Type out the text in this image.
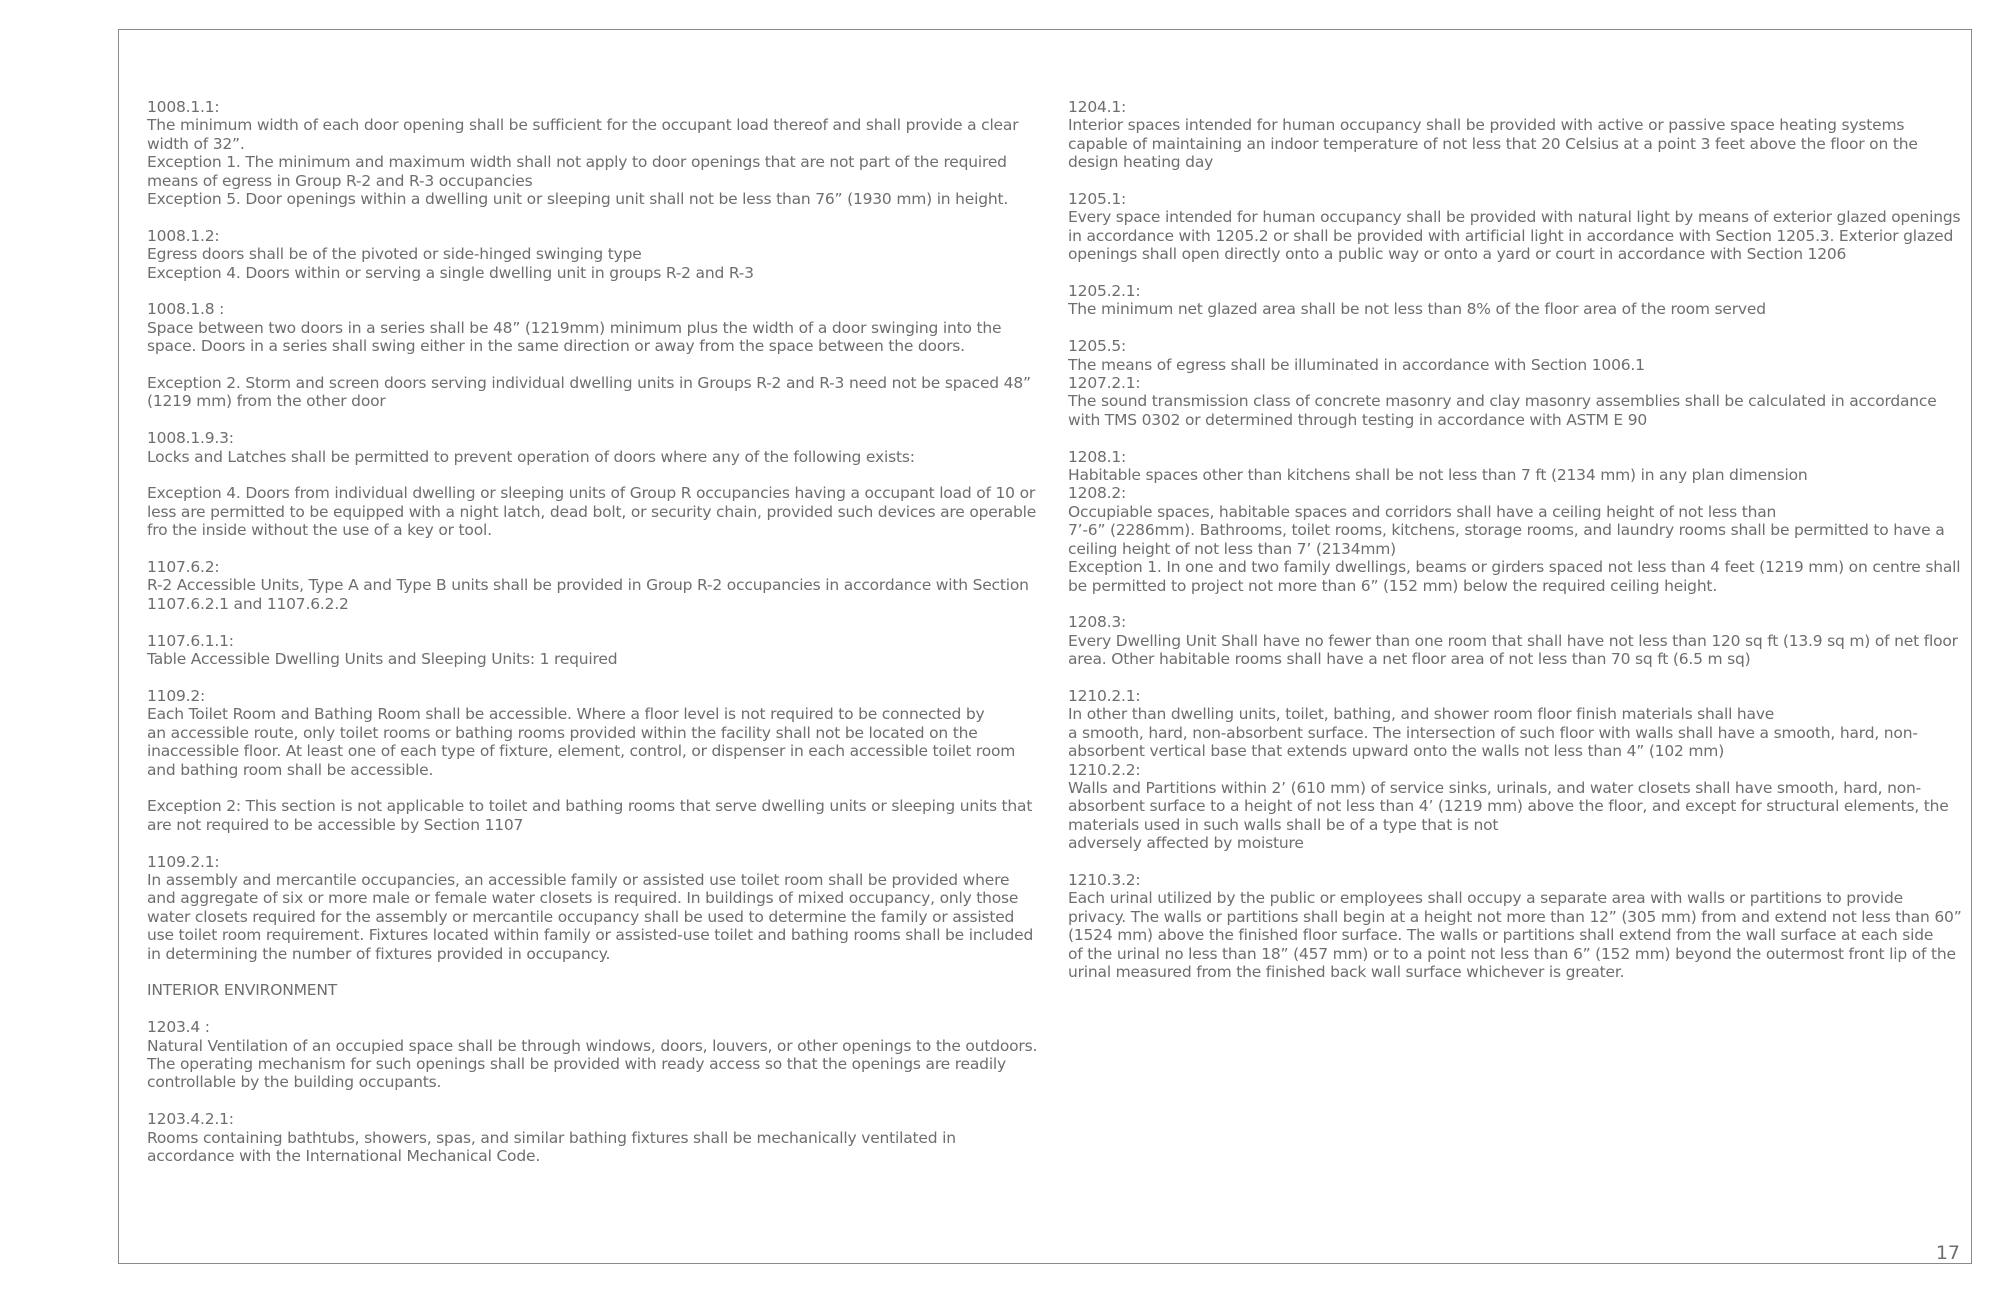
1008.1.1:
The minimum width of each door opening shall be sufficient for the occupant load thereof and shall provide a clear
width of 32”.
Exception 1. The minimum and maximum width shall not apply to door openings that are not part of the required
means of egress in Group R-2 and R-3 occupancies
Exception 5. Door openings within a dwelling unit or sleeping unit shall not be less than 76” (1930 mm) in height.
1008.1.2:
Egress doors shall be of the pivoted or side-hinged swinging type
Exception 4. Doors within or serving a single dwelling unit in groups R-2 and R-3
1008.1.8 :
Space between two doors in a series shall be 48” (1219mm) minimum plus the width of a door swinging into the
space. Doors in a series shall swing either in the same direction or away from the space between the doors.
Exception 2. Storm and screen doors serving individual dwelling units in Groups R-2 and R-3 need not be spaced 48”
(1219 mm) from the other door
1008.1.9.3:
Locks and Latches shall be permitted to prevent operation of doors where any of the following exists:
Exception 4. Doors from individual dwelling or sleeping units of Group R occupancies having a occupant load of 10 or
less are permitted to be equipped with a night latch, dead bolt, or security chain, provided such devices are operable
fro the inside without the use of a key or tool.
1107.6.2:
R-2 Accessible Units, Type A and Type B units shall be provided in Group R-2 occupancies in accordance with Section
1107.6.2.1 and 1107.6.2.2
1107.6.1.1:
Table Accessible Dwelling Units and Sleeping Units: 1 required
1109.2:
Each Toilet Room and Bathing Room shall be accessible. Where a floor level is not required to be connected by
an accessible route, only toilet rooms or bathing rooms provided within the facility shall not be located on the
inaccessible floor. At least one of each type of fixture, element, control, or dispenser in each accessible toilet room
and bathing room shall be accessible.
Exception 2: This section is not applicable to toilet and bathing rooms that serve dwelling units or sleeping units that
are not required to be accessible by Section 1107
1109.2.1:
In assembly and mercantile occupancies, an accessible family or assisted use toilet room shall be provided where
and aggregate of six or more male or female water closets is required. In buildings of mixed occupancy, only those
water closets required for the assembly or mercantile occupancy shall be used to determine the family or assisted
use toilet room requirement. Fixtures located within family or assisted-use toilet and bathing rooms shall be included
in determining the number of fixtures provided in occupancy.
INTERIOR ENVIRONMENT
1203.4 :
Natural Ventilation of an occupied space shall be through windows, doors, louvers, or other openings to the outdoors.
The operating mechanism for such openings shall be provided with ready access so that the openings are readily
controllable by the building occupants.
1203.4.2.1:
Rooms containing bathtubs, showers, spas, and similar bathing fixtures shall be mechanically ventilated in
accordance with the International Mechanical Code.
1204.1:
Interior spaces intended for human occupancy shall be provided with active or passive space heating systems
capable of maintaining an indoor temperature of not less that 20 Celsius at a point 3 feet above the floor on the
design heating day
1205.1:
Every space intended for human occupancy shall be provided with natural light by means of exterior glazed openings
in accordance with 1205.2 or shall be provided with artificial light in accordance with Section 1205.3. Exterior glazed
openings shall open directly onto a public way or onto a yard or court in accordance with Section 1206
1205.2.1:
The minimum net glazed area shall be not less than 8% of the floor area of the room served
1205.5:
The means of egress shall be illuminated in accordance with Section 1006.1
1207.2.1:
The sound transmission class of concrete masonry and clay masonry assemblies shall be calculated in accordance
with TMS 0302 or determined through testing in accordance with ASTM E 90
1208.1:
Habitable spaces other than kitchens shall be not less than 7 ft (2134 mm) in any plan dimension
1208.2:
Occupiable spaces, habitable spaces and corridors shall have a ceiling height of not less than
7’-6” (2286mm). Bathrooms, toilet rooms, kitchens, storage rooms, and laundry rooms shall be permitted to have a
ceiling height of not less than 7’ (2134mm)
Exception 1. In one and two family dwellings, beams or girders spaced not less than 4 feet (1219 mm) on centre shall
be permitted to project not more than 6” (152 mm) below the required ceiling height.
1208.3:
Every Dwelling Unit Shall have no fewer than one room that shall have not less than 120 sq ft (13.9 sq m) of net floor
area. Other habitable rooms shall have a net floor area of not less than 70 sq ft (6.5 m sq)
1210.2.1:
In other than dwelling units, toilet, bathing, and shower room floor finish materials shall have
a smooth, hard, non-absorbent surface. The intersection of such floor with walls shall have a smooth, hard, non-
absorbent vertical base that extends upward onto the walls not less than 4” (102 mm)
1210.2.2:
Walls and Partitions within 2’ (610 mm) of service sinks, urinals, and water closets shall have smooth, hard, non-
absorbent surface to a height of not less than 4’ (1219 mm) above the floor, and except for structural elements, the
materials used in such walls shall be of a type that is not
adversely affected by moisture
1210.3.2:
Each urinal utilized by the public or employees shall occupy a separate area with walls or partitions to provide
privacy. The walls or partitions shall begin at a height not more than 12” (305 mm) from and extend not less than 60”
(1524 mm) above the finished floor surface. The walls or partitions shall extend from the wall surface at each side
of the urinal no less than 18” (457 mm) or to a point not less than 6” (152 mm) beyond the outermost front lip of the
urinal measured from the finished back wall surface whichever is greater.
17
